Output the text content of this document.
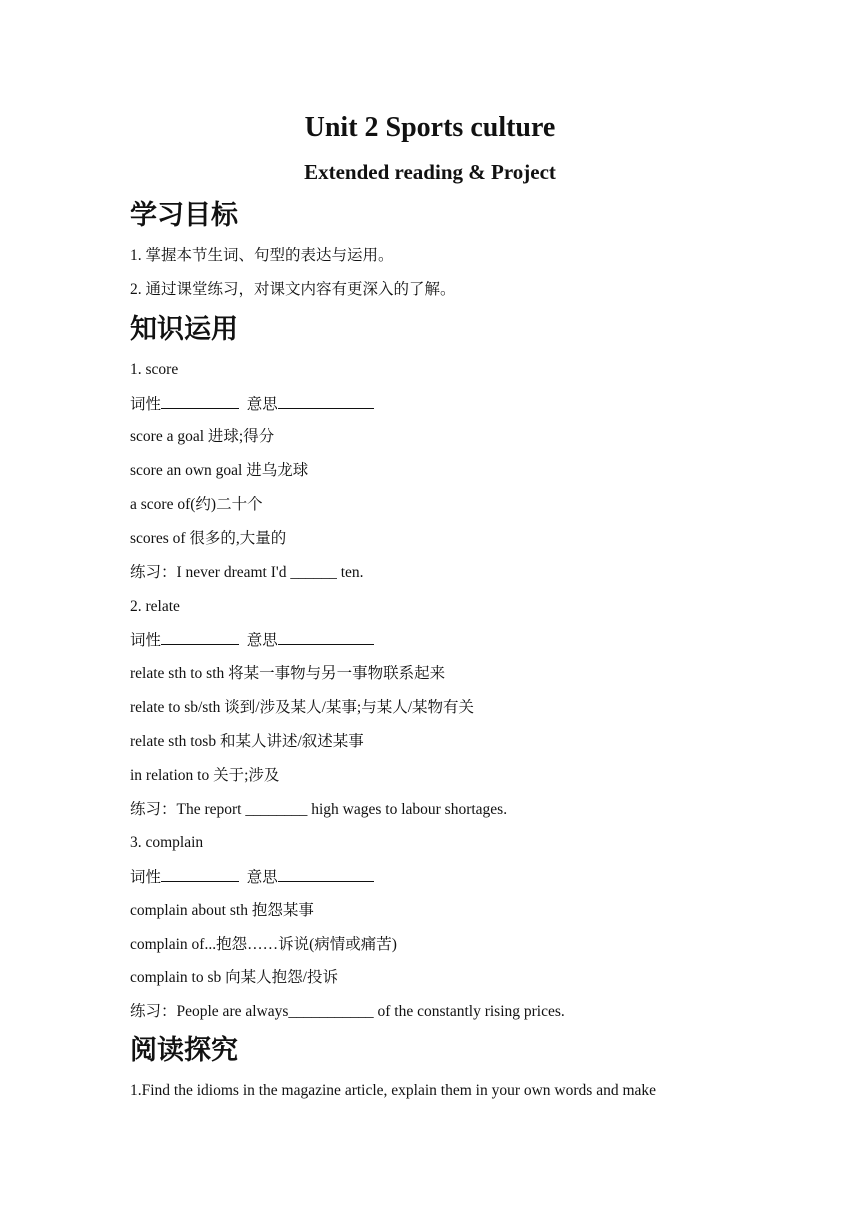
Unit 2 Sports culture
Extended reading & Project
学习目标
1. 掌握本节生词、句型的表达与运用。
2. 通过课堂练习，对课文内容有更深入的了解。
知识运用
1. score
词性	意思
score a goal 进球;得分
score an own goal 进乌龙球
a score of(约)二十个
scores of 很多的,大量的
练习：I never dreamt I'd ______ ten.
2. relate
词性	意思
relate sth to sth 将某一事物与另一事物联系起来
relate to sb/sth 谈到/涉及某人/某事;与某人/某物有关
relate sth tosb 和某人讲述/叙述某事
in relation to 关于;涉及
练习：The report ________ high wages to labour shortages.
3. complain
词性	意思
complain about sth 抱怨某事
complain of...抱怨……诉说(病情或痛苦)
complain to sb 向某人抱怨/投诉
练习：People are always___________ of the constantly rising prices.
阅读探究
1.Find the idioms in the magazine article, explain them in your own words and make
